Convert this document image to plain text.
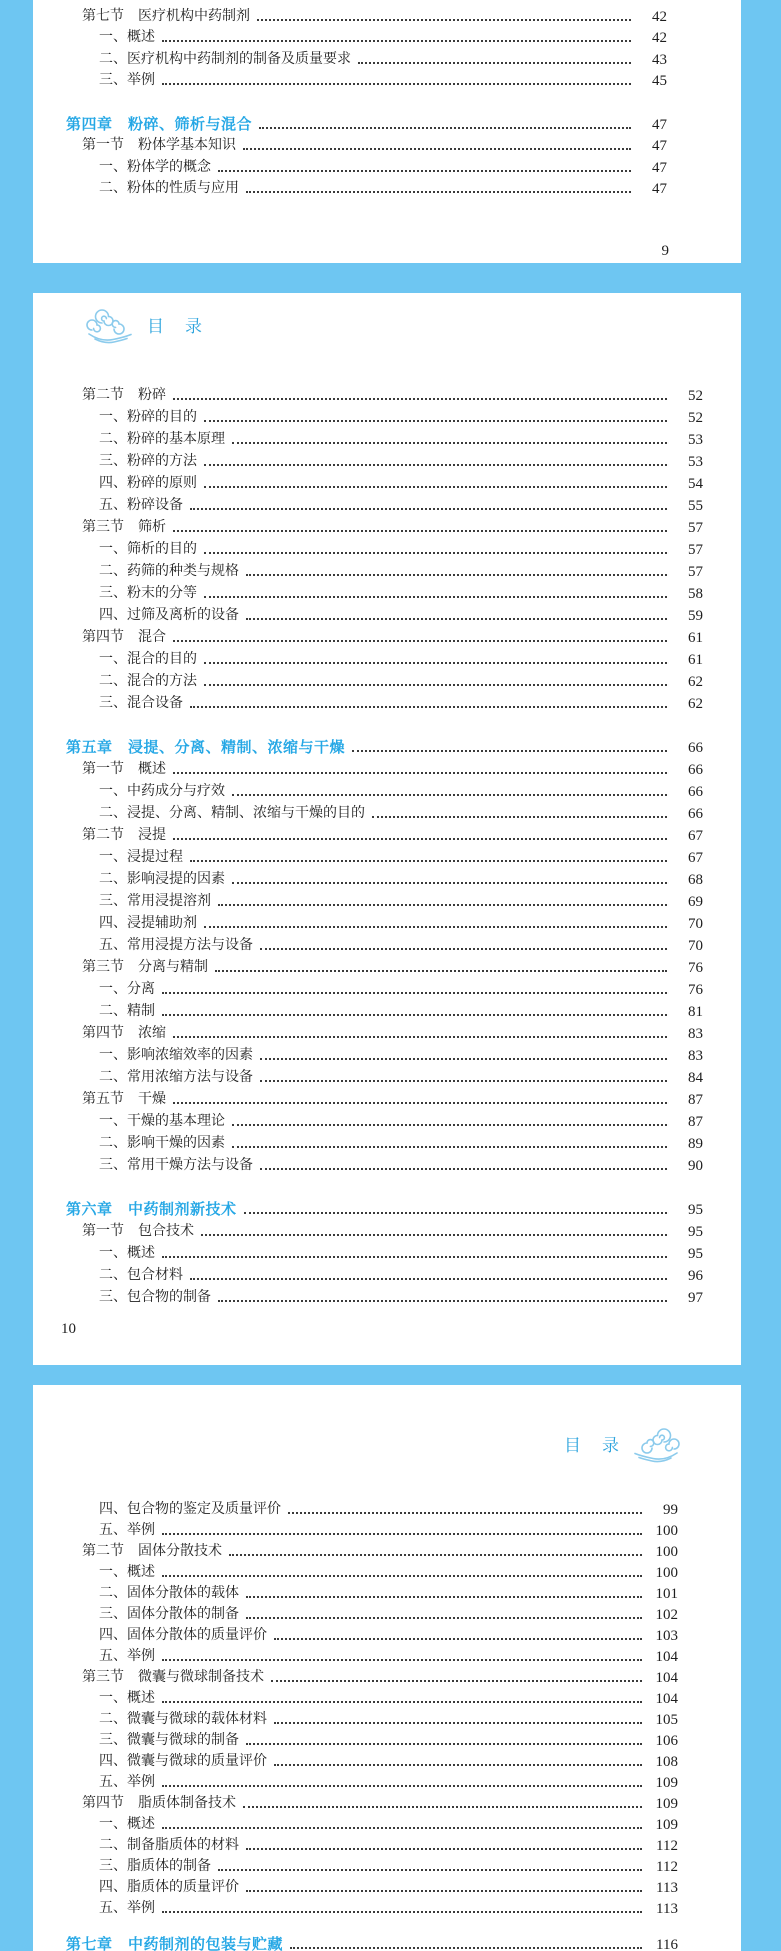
第七节　医疗机构中药制剂	42
一、概述	42
二、医疗机构中药制剂的制备及质量要求	43
三、举例	45
第四章　粉碎、筛析与混合	47
第一节　粉体学基本知识	47
一、粉体学的概念	47
二、粉体的性质与应用	47
9
目　录
第二节　粉碎	52
一、粉碎的目的	52
二、粉碎的基本原理	53
三、粉碎的方法	53
四、粉碎的原则	54
五、粉碎设备	55
第三节　筛析	57
一、筛析的目的	57
二、药筛的种类与规格	57
三、粉末的分等	58
四、过筛及离析的设备	59
第四节　混合	61
一、混合的目的	61
二、混合的方法	62
三、混合设备	62
第五章　浸提、分离、精制、浓缩与干燥	66
第一节　概述	66
一、中药成分与疗效	66
二、浸提、分离、精制、浓缩与干燥的目的	66
第二节　浸提	67
一、浸提过程	67
二、影响浸提的因素	68
三、常用浸提溶剂	69
四、浸提辅助剂	70
五、常用浸提方法与设备	70
第三节　分离与精制	76
一、分离	76
二、精制	81
第四节　浓缩	83
一、影响浓缩效率的因素	83
二、常用浓缩方法与设备	84
第五节　干燥	87
一、干燥的基本理论	87
二、影响干燥的因素	89
三、常用干燥方法与设备	90
第六章　中药制剂新技术	95
第一节　包合技术	95
一、概述	95
二、包合材料	96
三、包合物的制备	97
10
目　录
四、包合物的鉴定及质量评价	99
五、举例	100
第二节　固体分散技术	100
一、概述	100
二、固体分散体的载体	101
三、固体分散体的制备	102
四、固体分散体的质量评价	103
五、举例	104
第三节　微囊与微球制备技术	104
一、概述	104
二、微囊与微球的载体材料	105
三、微囊与微球的制备	106
四、微囊与微球的质量评价	108
五、举例	109
第四节　脂质体制备技术	109
一、概述	109
二、制备脂质体的材料	112
三、脂质体的制备	112
四、脂质体的质量评价	113
五、举例	113
第七章　中药制剂的包装与贮藏	116
